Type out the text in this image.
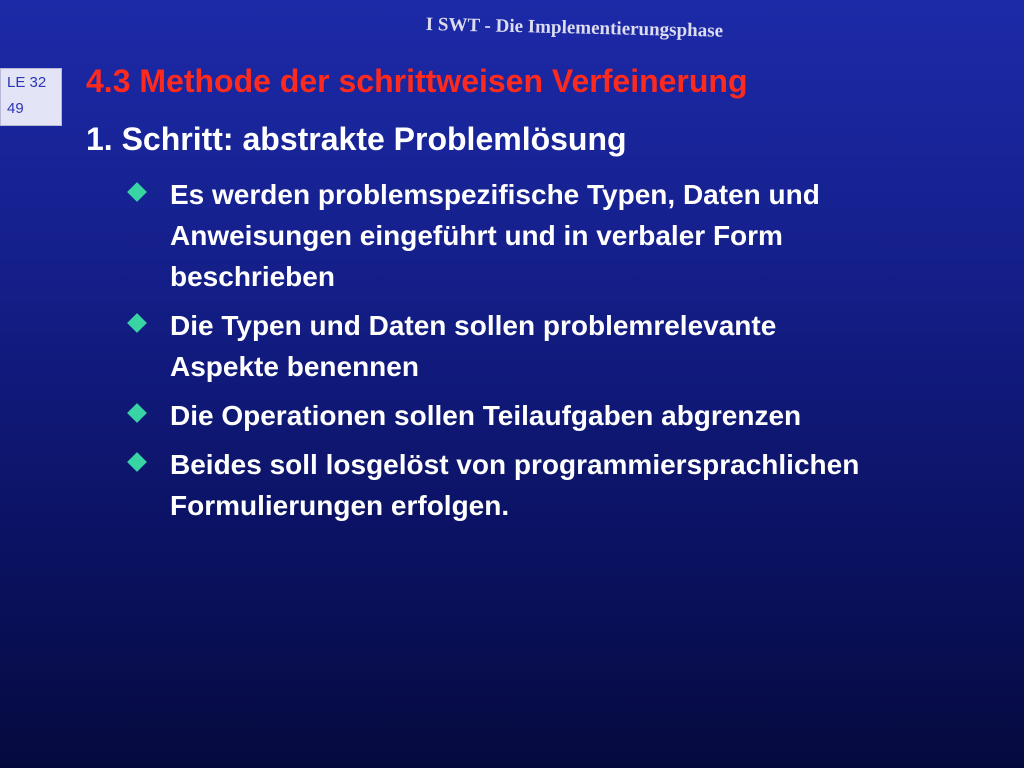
I SWT - Die Implementierungsphase
LE 32
49
4.3 Methode der schrittweisen Verfeinerung
1. Schritt: abstrakte Problemlösung
Es werden problemspezifische Typen, Daten und
Anweisungen eingeführt und in verbaler Form
beschrieben
Die Typen und Daten sollen problemrelevante
Aspekte benennen
Die Operationen sollen Teilaufgaben abgrenzen
Beides soll losgelöst von programmiersprachlichen
Formulierungen erfolgen.
